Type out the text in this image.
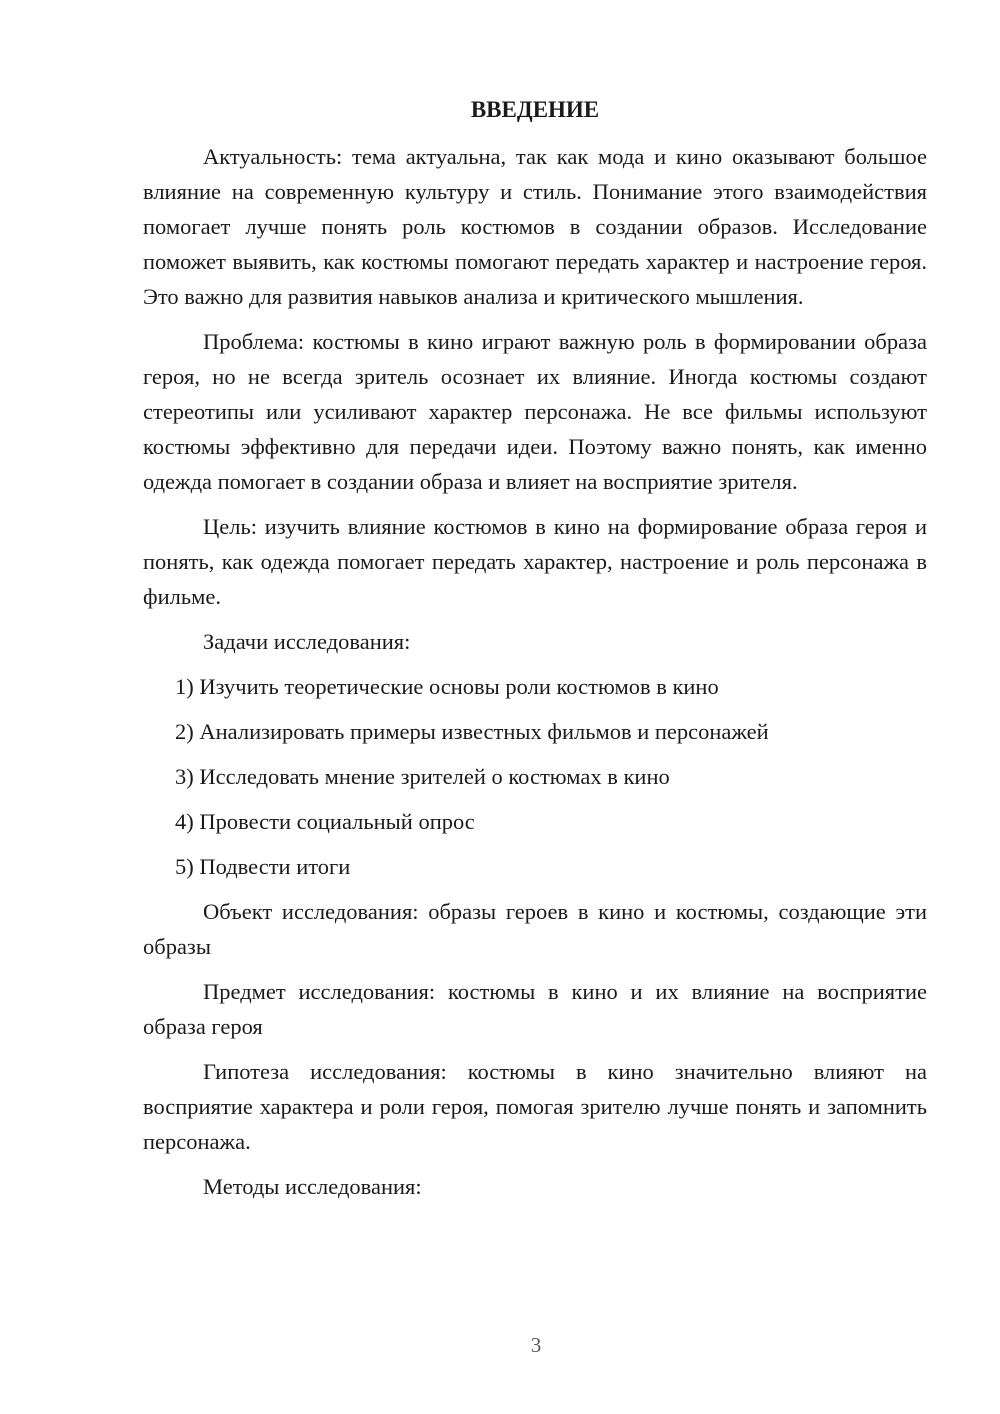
ВВЕДЕНИЕ

Актуальность: тема актуальна, так как мода и кино оказывают большое влияние на современную культуру и стиль. Понимание этого взаимодействия помогает лучше понять роль костюмов в создании образов. Исследование поможет выявить, как костюмы помогают передать характер и настроение героя. Это важно для развития навыков анализа и критического мышления.

Проблема: костюмы в кино играют важную роль в формировании образа героя, но не всегда зритель осознает их влияние. Иногда костюмы создают стереотипы или усиливают характер персонажа. Не все фильмы используют костюмы эффективно для передачи идеи. Поэтому важно понять, как именно одежда помогает в создании образа и влияет на восприятие зрителя.

Цель: изучить влияние костюмов в кино на формирование образа героя и понять, как одежда помогает передать характер, настроение и роль персонажа в фильме.

Задачи исследования:

1) Изучить теоретические основы роли костюмов в кино
2) Анализировать примеры известных фильмов и персонажей
3) Исследовать мнение зрителей о костюмах в кино
4) Провести социальный опрос
5) Подвести итоги

Объект исследования: образы героев в кино и костюмы, создающие эти образы

Предмет исследования: костюмы в кино и их влияние на восприятие образа героя

Гипотеза исследования: костюмы в кино значительно влияют на восприятие характера и роли героя, помогая зрителю лучше понять и запомнить персонажа.

Методы исследования:

3
